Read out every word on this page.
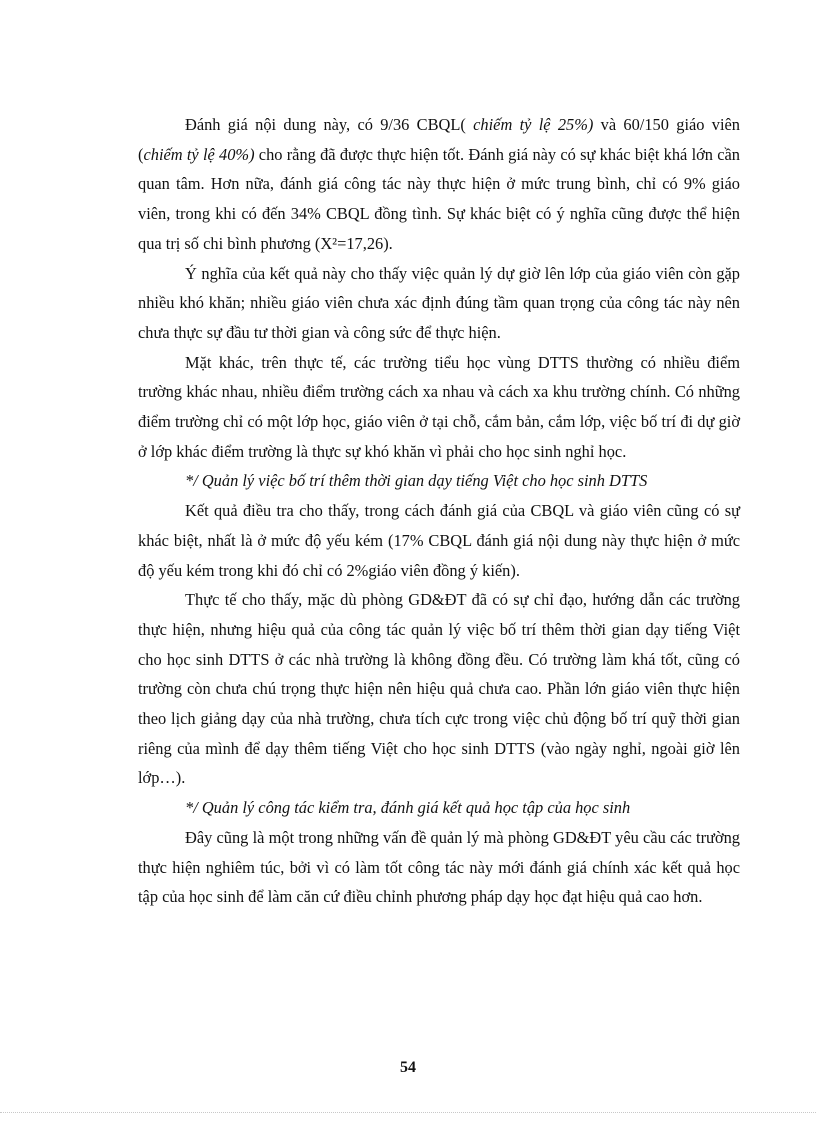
Đánh giá nội dung này, có 9/36 CBQL( chiếm tỷ lệ 25%) và 60/150 giáo viên (chiếm tỷ lệ 40%) cho rằng đã được thực hiện tốt. Đánh giá này có sự khác biệt khá lớn cần quan tâm. Hơn nữa, đánh giá công tác này thực hiện ở mức trung bình, chỉ có 9% giáo viên, trong khi có đến 34% CBQL đồng tình. Sự khác biệt có ý nghĩa cũng được thể hiện qua trị số chi bình phương (X²=17,26).

Ý nghĩa của kết quả này cho thấy việc quản lý dự giờ lên lớp của giáo viên còn gặp nhiều khó khăn; nhiều giáo viên chưa xác định đúng tầm quan trọng của công tác này nên chưa thực sự đầu tư thời gian và công sức để thực hiện.

Mặt khác, trên thực tế, các trường tiểu học vùng DTTS thường có nhiều điểm trường khác nhau, nhiều điểm trường cách xa nhau và cách xa khu trường chính. Có những điểm trường chỉ có một lớp học, giáo viên ở tại chỗ, cắm bản, cắm lớp, việc bố trí đi dự giờ ở lớp khác điểm trường là thực sự khó khăn vì phải cho học sinh nghỉ học.

*/ Quản lý việc bố trí thêm thời gian dạy tiếng Việt cho học sinh DTTS

Kết quả điều tra cho thấy, trong cách đánh giá của CBQL và giáo viên cũng có sự khác biệt, nhất là ở mức độ yếu kém (17% CBQL đánh giá nội dung này thực hiện ở mức độ yếu kém trong khi đó chỉ có 2%giáo viên đồng ý kiến).

Thực tế cho thấy, mặc dù phòng GD&ĐT đã có sự chỉ đạo, hướng dẫn các trường thực hiện, nhưng hiệu quả của công tác quản lý việc bố trí thêm thời gian dạy tiếng Việt cho học sinh DTTS ở các nhà trường là không đồng đều. Có trường làm khá tốt, cũng có trường còn chưa chú trọng thực hiện nên hiệu quả chưa cao. Phần lớn giáo viên thực hiện theo lịch giảng dạy của nhà trường, chưa tích cực trong việc chủ động bố trí quỹ thời gian riêng của mình để dạy thêm tiếng Việt cho học sinh DTTS (vào ngày nghỉ, ngoài giờ lên lớp…).

*/ Quản lý công tác kiểm tra, đánh giá kết quả học tập của học sinh

Đây cũng là một trong những vấn đề quản lý mà phòng GD&ĐT yêu cầu các trường thực hiện nghiêm túc, bởi vì có làm tốt công tác này mới đánh giá chính xác kết quả học tập của học sinh để làm căn cứ điều chỉnh phương pháp dạy học đạt hiệu quả cao hơn.

54
